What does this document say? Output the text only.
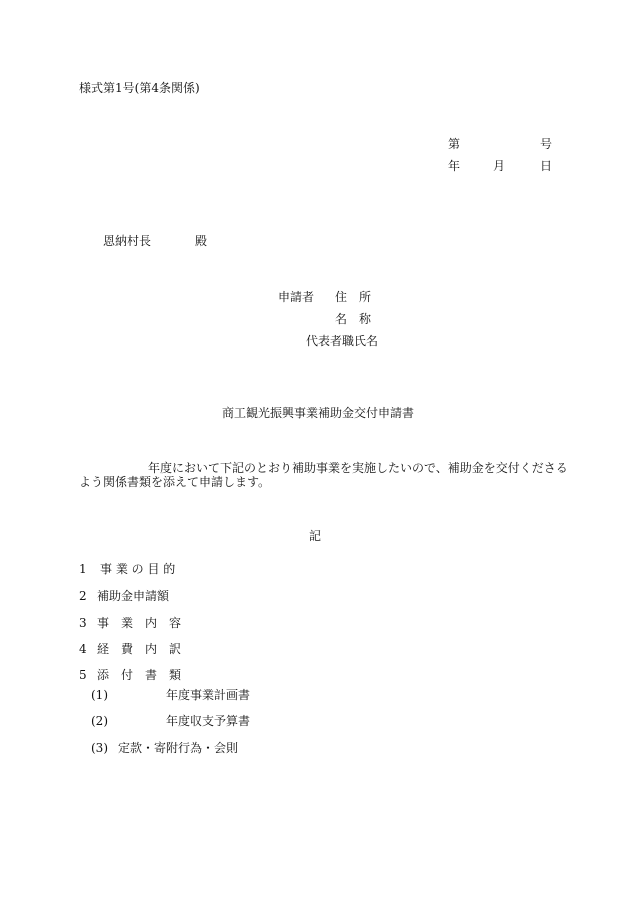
様式第1号(第4条関係)
第	号
年	月	日
恩納村長	殿
申請者 住　所
名　称
代表者職氏名
商工観光振興事業補助金交付申請書
年度において下記のとおり補助事業を実施したいので、補助金を交付くださる
よう関係書類を添えて申請します。
記
1 事 業 の 目 的
2 補助金申請額
3 事　業　内　容
4 経　費　内　訳
5 添　付　書　類
(1)	年度事業計画書
(2)	年度収支予算書
(3) 定款・寄附行為・会則
